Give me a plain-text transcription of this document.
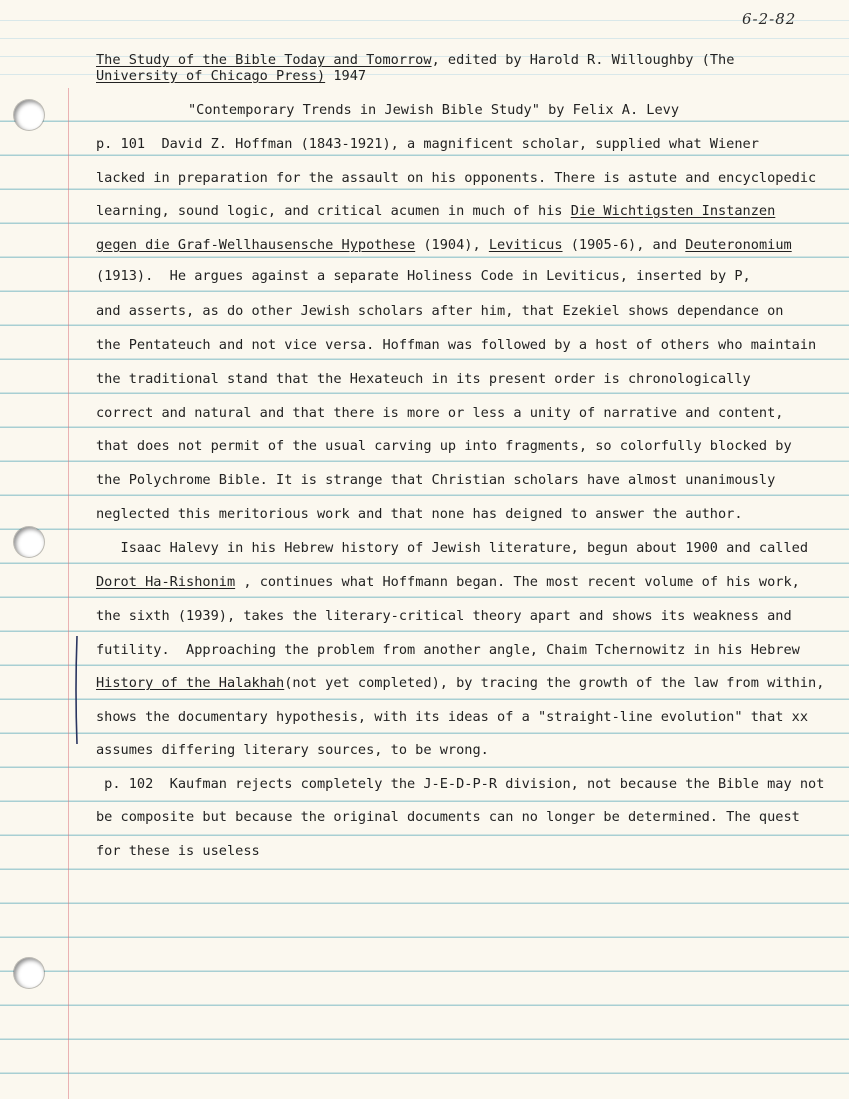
6-2-82
The Study of the Bible Today and Tomorrow, edited by Harold R. Willoughby (The
University of Chicago Press) 1947
"Contemporary Trends in Jewish Bible Study" by Felix A. Levy
p. 101  David Z. Hoffman (1843-1921), a magnificent scholar, supplied what Wiener
lacked in preparation for the assault on his opponents. There is astute and encyclopedic
learning, sound logic, and critical acumen in much of his Die Wichtigsten Instanzen
gegen die Graf-Wellhausensche Hypothese (1904), Leviticus (1905-6), and Deuteronomium
(1913).  He argues against a separate Holiness Code in Leviticus, inserted by P,
and asserts, as do other Jewish scholars after him, that Ezekiel shows dependance on
the Pentateuch and not vice versa. Hoffman was followed by a host of others who maintain
the traditional stand that the Hexateuch in its present order is chronologically
correct and natural and that there is more or less a unity of narrative and content,
that does not permit of the usual carving up into fragments, so colorfully blocked by
the Polychrome Bible. It is strange that Christian scholars have almost unanimously
neglected this meritorious work and that none has deigned to answer the author.
Isaac Halevy in his Hebrew history of Jewish literature, begun about 1900 and called
Dorot Ha-Rishonim , continues what Hoffmann began. The most recent volume of his work,
the sixth (1939), takes the literary-critical theory apart and shows its weakness and
futility.  Approaching the problem from another angle, Chaim Tchernowitz in his Hebrew
History of the Halakhah(not yet completed), by tracing the growth of the law from within,
shows the documentary hypothesis, with its ideas of a "straight-line evolution" that xx
assumes differing literary sources, to be wrong.
p. 102  Kaufman rejects completely the J-E-D-P-R division, not because the Bible may not
be composite but because the original documents can no longer be determined. The quest
for these is useless
